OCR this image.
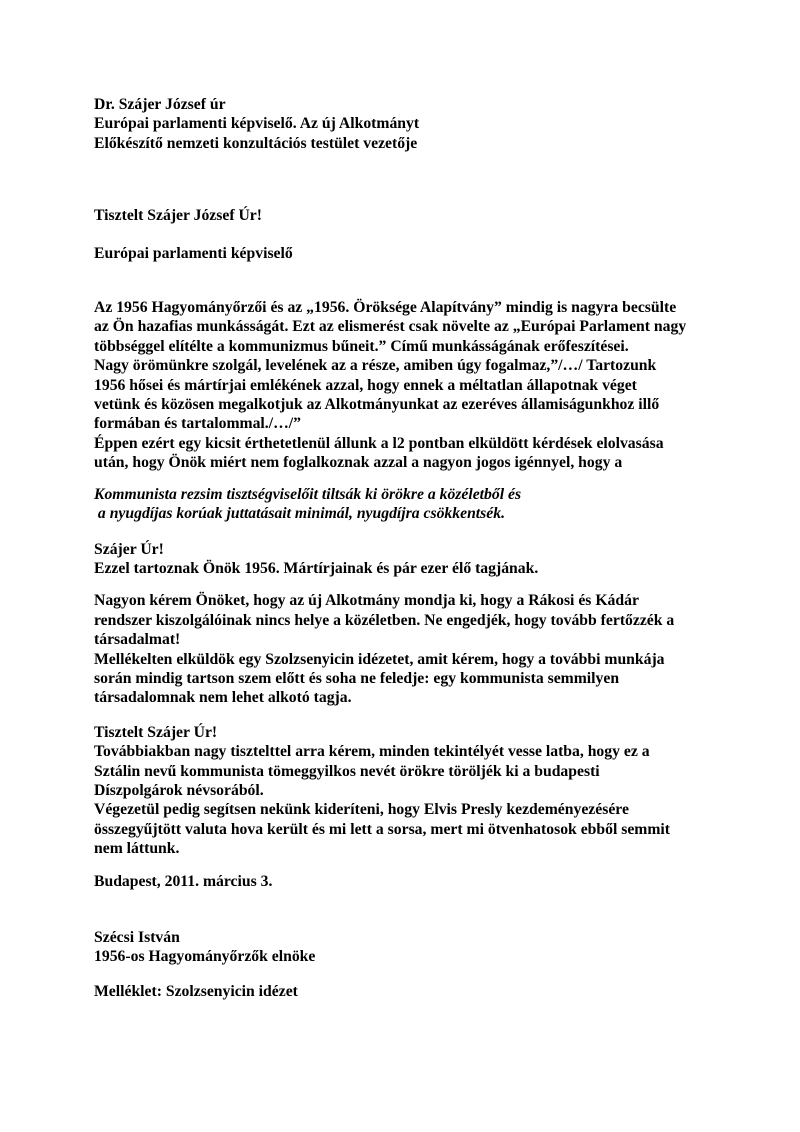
Dr. Szájer József úr
Európai parlamenti képviselő. Az új Alkotmányt
Előkészítő nemzeti konzultációs testület vezetője

Tisztelt Szájer József Úr!

Európai parlamenti képviselő

Az 1956 Hagyományőrzői és az „1956. Öröksége Alapítvány” mindig is nagyra becsülte
az Ön hazafias munkásságát. Ezt az elismerést csak növelte az „Európai Parlament nagy
többséggel elítélte a kommunizmus bűneit.” Című munkásságának erőfeszítései.
Nagy örömünkre szolgál, levelének az a része, amiben úgy fogalmaz,”/…/ Tartozunk
1956 hősei és mártírjai emlékének azzal, hogy ennek a méltatlan állapotnak véget
vetünk és közösen megalkotjuk az Alkotmányunkat az ezeréves államiságunkhoz illő
formában és tartalommal./…/”
Éppen ezért egy kicsit érthetetlenül állunk a l2 pontban elküldött kérdések elolvasása
után, hogy Önök miért nem foglalkoznak azzal a nagyon jogos igénnyel, hogy a

Kommunista rezsim tisztségviselőit tiltsák ki örökre a közéletből és
a nyugdíjas korúak juttatásait minimál, nyugdíjra csökkentsék.

Szájer Úr!
Ezzel tartoznak Önök 1956. Mártírjainak és pár ezer élő tagjának.

Nagyon kérem Önöket, hogy az új Alkotmány mondja ki, hogy a Rákosi és Kádár
rendszer kiszolgálóinak nincs helye a közéletben. Ne engedjék, hogy tovább fertőzzék a
társadalmat!
Mellékelten elküldök egy Szolzsenyicin idézetet, amit kérem, hogy a további munkája
során mindig tartson szem előtt és soha ne feledje: egy kommunista semmilyen
társadalomnak nem lehet alkotó tagja.

Tisztelt Szájer Úr!
Továbbiakban nagy tisztelttel arra kérem, minden tekintélyét vesse latba, hogy ez a
Sztálin nevű kommunista tömeggyilkos nevét örökre töröljék ki a budapesti
Díszpolgárok névsorából.
Végezetül pedig segítsen nekünk kideríteni, hogy Elvis Presly kezdeményezésére
összegyűjtött valuta hova került és mi lett a sorsa, mert mi ötvenhatosok ebből semmit
nem láttunk.

Budapest, 2011. március 3.

Szécsi István
1956-os Hagyományőrzők elnöke

Melléklet: Szolzsenyicin idézet
